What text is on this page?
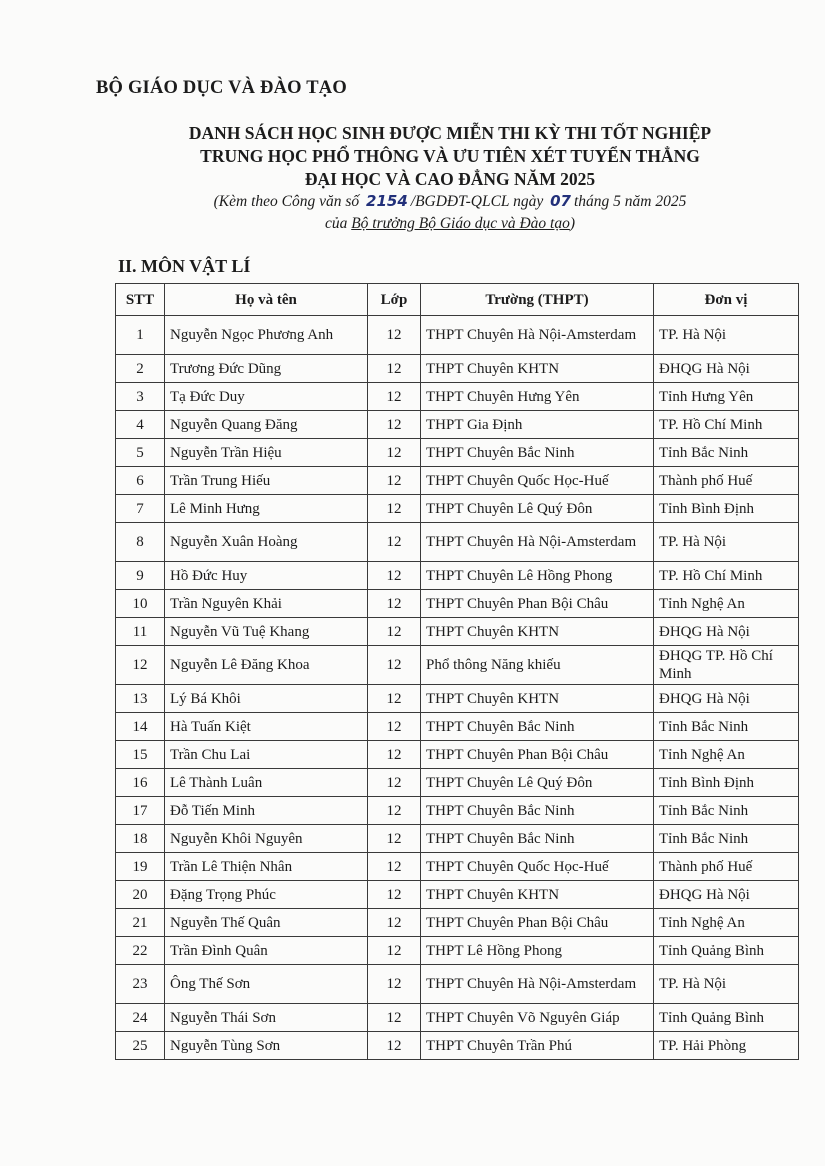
BỘ GIÁO DỤC VÀ ĐÀO TẠO
DANH SÁCH HỌC SINH ĐƯỢC MIỄN THI KỲ THI TỐT NGHIỆP
TRUNG HỌC PHỔ THÔNG VÀ ƯU TIÊN XÉT TUYỂN THẲNG
ĐẠI HỌC VÀ CAO ĐẲNG NĂM 2025
(Kèm theo Công văn số 2154 /BGDĐT-QLCL ngày 07 tháng 5 năm 2025
của Bộ trưởng Bộ Giáo dục và Đào tạo)
II. MÔN VẬT LÍ
STT	Họ và tên	Lớp	Trường (THPT)	Đơn vị
1	Nguyễn Ngọc Phương Anh	12	THPT Chuyên Hà Nội-Amsterdam	TP. Hà Nội
2	Trương Đức Dũng	12	THPT Chuyên KHTN	ĐHQG Hà Nội
3	Tạ Đức Duy	12	THPT Chuyên Hưng Yên	Tỉnh Hưng Yên
4	Nguyễn Quang Đăng	12	THPT Gia Định	TP. Hồ Chí Minh
5	Nguyễn Trần Hiệu	12	THPT Chuyên Bắc Ninh	Tỉnh Bắc Ninh
6	Trần Trung Hiếu	12	THPT Chuyên Quốc Học-Huế	Thành phố Huế
7	Lê Minh Hưng	12	THPT Chuyên Lê Quý Đôn	Tỉnh Bình Định
8	Nguyễn Xuân Hoàng	12	THPT Chuyên Hà Nội-Amsterdam	TP. Hà Nội
9	Hồ Đức Huy	12	THPT Chuyên Lê Hồng Phong	TP. Hồ Chí Minh
10	Trần Nguyên Khải	12	THPT Chuyên Phan Bội Châu	Tỉnh Nghệ An
11	Nguyễn Vũ Tuệ Khang	12	THPT Chuyên KHTN	ĐHQG Hà Nội
12	Nguyễn Lê Đăng Khoa	12	Phổ thông Năng khiếu	ĐHQG TP. Hồ Chí Minh
13	Lý Bá Khôi	12	THPT Chuyên KHTN	ĐHQG Hà Nội
14	Hà Tuấn Kiệt	12	THPT Chuyên Bắc Ninh	Tỉnh Bắc Ninh
15	Trần Chu Lai	12	THPT Chuyên Phan Bội Châu	Tỉnh Nghệ An
16	Lê Thành Luân	12	THPT Chuyên Lê Quý Đôn	Tỉnh Bình Định
17	Đỗ Tiến Minh	12	THPT Chuyên Bắc Ninh	Tỉnh Bắc Ninh
18	Nguyễn Khôi Nguyên	12	THPT Chuyên Bắc Ninh	Tỉnh Bắc Ninh
19	Trần Lê Thiện Nhân	12	THPT Chuyên Quốc Học-Huế	Thành phố Huế
20	Đặng Trọng Phúc	12	THPT Chuyên KHTN	ĐHQG Hà Nội
21	Nguyễn Thế Quân	12	THPT Chuyên Phan Bội Châu	Tỉnh Nghệ An
22	Trần Đình Quân	12	THPT Lê Hồng Phong	Tỉnh Quảng Bình
23	Ông Thế Sơn	12	THPT Chuyên Hà Nội-Amsterdam	TP. Hà Nội
24	Nguyễn Thái Sơn	12	THPT Chuyên Võ Nguyên Giáp	Tỉnh Quảng Bình
25	Nguyễn Tùng Sơn	12	THPT Chuyên Trần Phú	TP. Hải Phòng
